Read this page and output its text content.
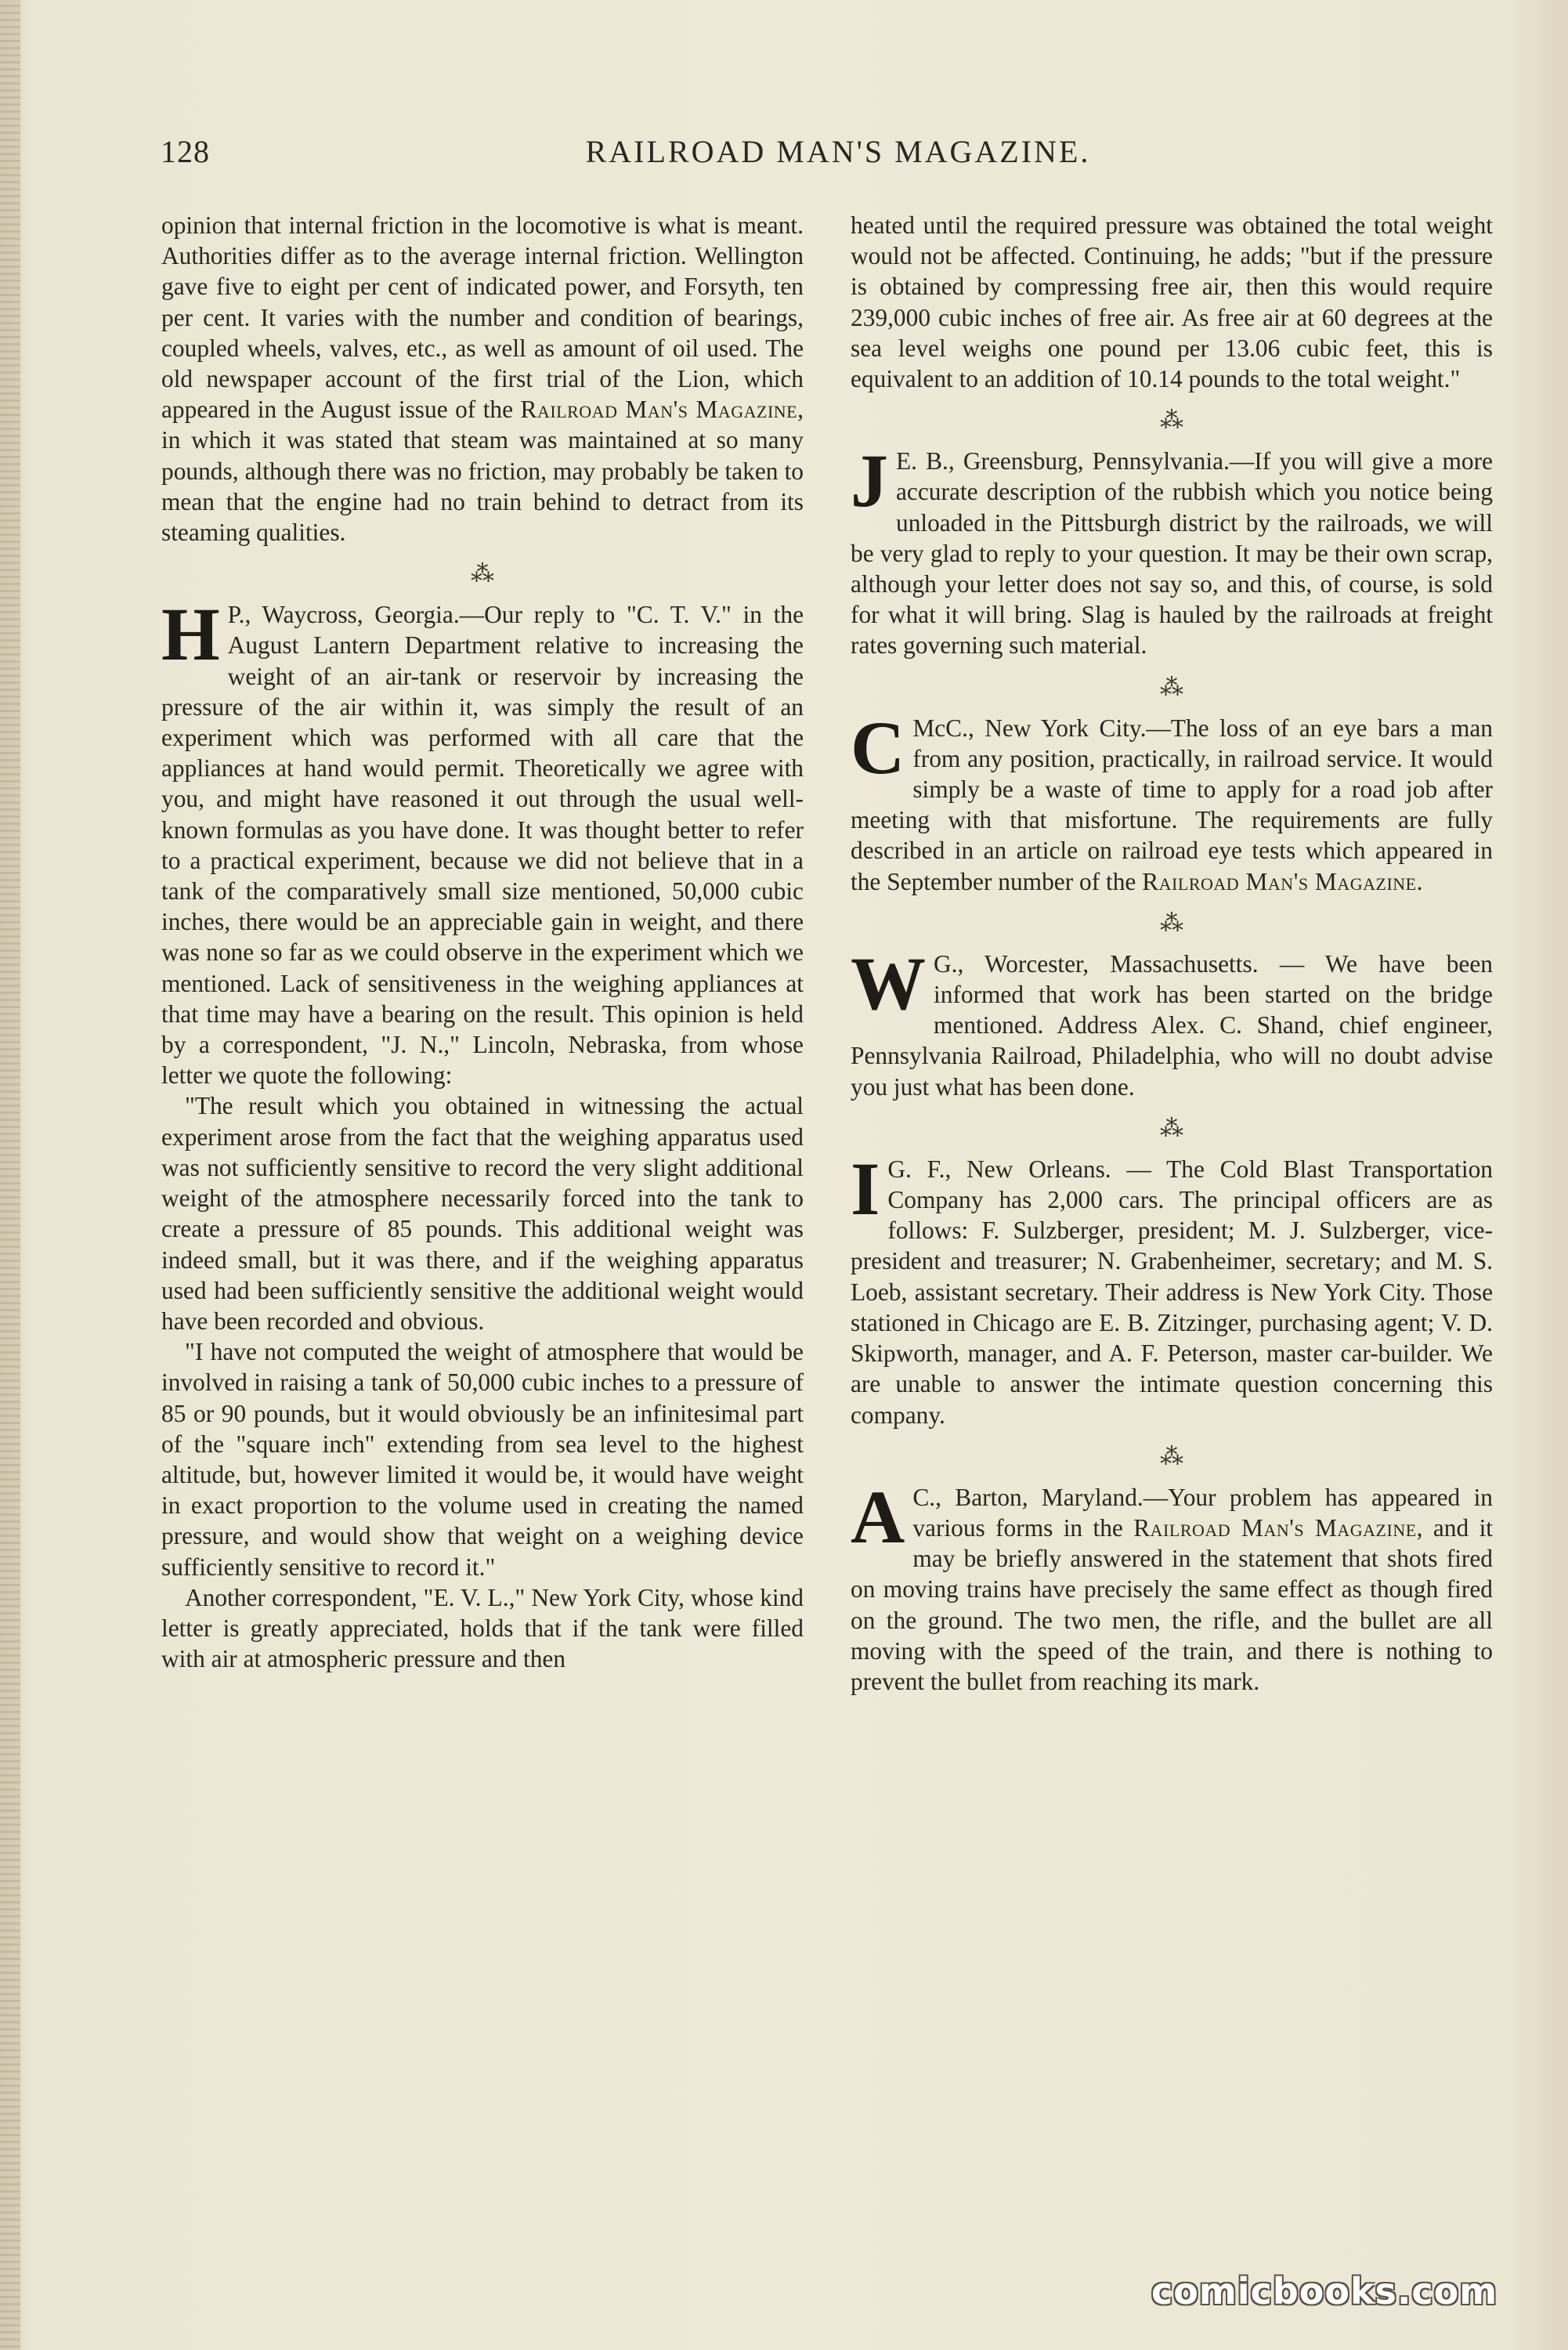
128	RAILROAD MAN'S MAGAZINE.

opinion that internal friction in the locomotive is what is meant. Authorities differ as to the average internal friction. Wellington gave five to eight per cent of indicated power, and Forsyth, ten per cent. It varies with the number and condition of bearings, coupled wheels, valves, etc., as well as amount of oil used. The old newspaper account of the first trial of the Lion, which appeared in the August issue of the Railroad Man's Magazine, in which it was stated that steam was maintained at so many pounds, although there was no friction, may probably be taken to mean that the engine had no train behind to detract from its steaming qualities.

⁂
H P., Waycross, Georgia.—Our reply to "C. T. V." in the August Lantern Department relative to increasing the weight of an air-tank or reservoir by increasing the pressure of the air within it, was simply the result of an experiment which was performed with all care that the appliances at hand would permit. Theoretically we agree with you, and might have reasoned it out through the usual well-known formulas as you have done. It was thought better to refer to a practical experiment, because we did not believe that in a tank of the comparatively small size mentioned, 50,000 cubic inches, there would be an appreciable gain in weight, and there was none so far as we could observe in the experiment which we mentioned. Lack of sensitiveness in the weighing appliances at that time may have a bearing on the result. This opinion is held by a correspondent, "J. N.," Lincoln, Nebraska, from whose letter we quote the following:

"The result which you obtained in witnessing the actual experiment arose from the fact that the weighing apparatus used was not sufficiently sensitive to record the very slight additional weight of the atmosphere necessarily forced into the tank to create a pressure of 85 pounds. This additional weight was indeed small, but it was there, and if the weighing apparatus used had been sufficiently sensitive the additional weight would have been recorded and obvious.

"I have not computed the weight of atmosphere that would be involved in raising a tank of 50,000 cubic inches to a pressure of 85 or 90 pounds, but it would obviously be an infinitesimal part of the "square inch" extending from sea level to the highest altitude, but, however limited it would be, it would have weight in exact proportion to the volume used in creating the named pressure, and would show that weight on a weighing device sufficiently sensitive to record it."

Another correspondent, "E. V. L.," New York City, whose kind letter is greatly appreciated, holds that if the tank were filled with air at atmospheric pressure and then

heated until the required pressure was obtained the total weight would not be affected. Continuing, he adds; "but if the pressure is obtained by compressing free air, then this would require 239,000 cubic inches of free air. As free air at 60 degrees at the sea level weighs one pound per 13.06 cubic feet, this is equivalent to an addition of 10.14 pounds to the total weight."

⁂
J E. B., Greensburg, Pennsylvania.—If you will give a more accurate description of the rubbish which you notice being unloaded in the Pittsburgh district by the railroads, we will be very glad to reply to your question. It may be their own scrap, although your letter does not say so, and this, of course, is sold for what it will bring. Slag is hauled by the railroads at freight rates governing such material.

⁂
C McC., New York City.—The loss of an eye bars a man from any position, practically, in railroad service. It would simply be a waste of time to apply for a road job after meeting with that misfortune. The requirements are fully described in an article on railroad eye tests which appeared in the September number of the Railroad Man's Magazine.

⁂
W G., Worcester, Massachusetts. — We have been informed that work has been started on the bridge mentioned. Address Alex. C. Shand, chief engineer, Pennsylvania Railroad, Philadelphia, who will no doubt advise you just what has been done.

⁂
I G. F., New Orleans. — The Cold Blast Transportation Company has 2,000 cars. The principal officers are as follows: F. Sulzberger, president; M. J. Sulzberger, vice-president and treasurer; N. Grabenheimer, secretary; and M. S. Loeb, assistant secretary. Their address is New York City. Those stationed in Chicago are E. B. Zitzinger, purchasing agent; V. D. Skipworth, manager, and A. F. Peterson, master car-builder. We are unable to answer the intimate question concerning this company.

⁂
A C., Barton, Maryland.—Your problem has appeared in various forms in the Railroad Man's Magazine, and it may be briefly answered in the statement that shots fired on moving trains have precisely the same effect as though fired on the ground. The two men, the rifle, and the bullet are all moving with the speed of the train, and there is nothing to prevent the bullet from reaching its mark.

comicbooks.com
